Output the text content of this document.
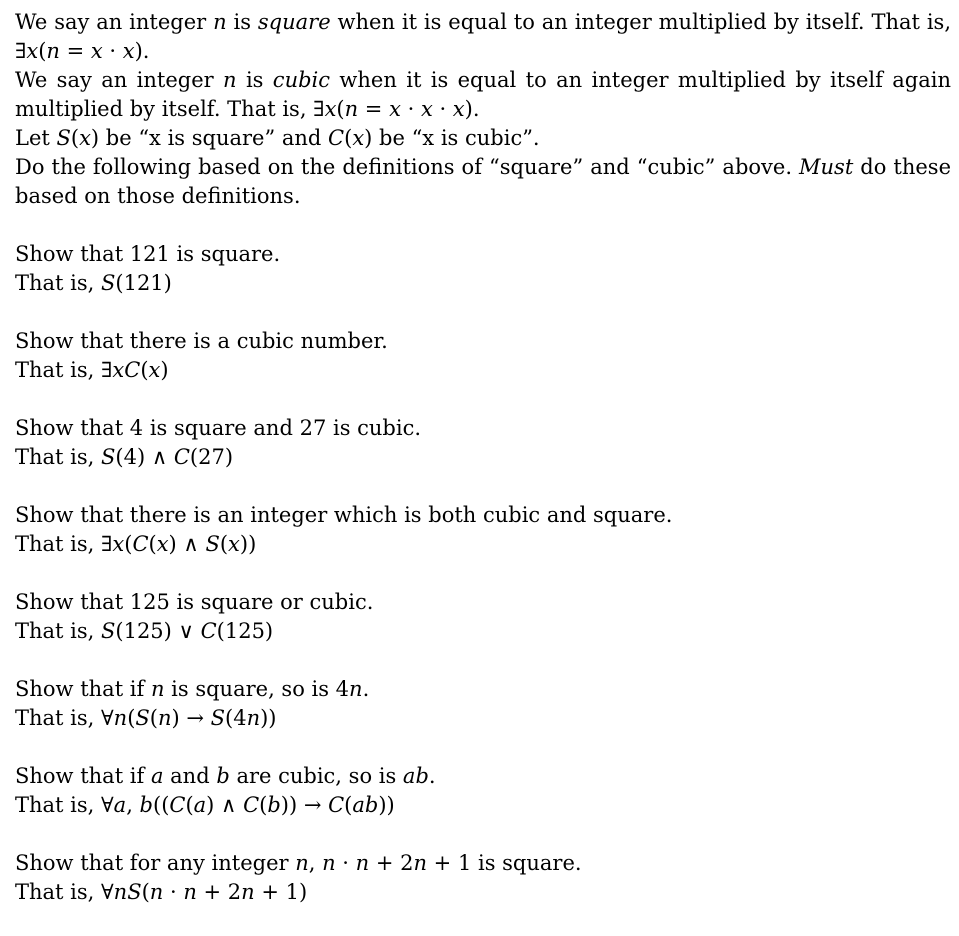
We say an integer 𝑛 is 𝑠𝑞𝑢𝑎𝑟𝑒 when it is equal to an integer multiplied by itself. That is, ∃𝑥(𝑛 = 𝑥 · 𝑥).

We say an integer 𝑛 is 𝑐𝑢𝑏𝑖𝑐 when it is equal to an integer multiplied by itself again multiplied by itself. That is, ∃𝑥(𝑛 = 𝑥 · 𝑥 · 𝑥).

Let 𝑆(𝑥) be “x is square” and 𝐶(𝑥) be “x is cubic”.

Do the following based on the definitions of “square” and “cubic” above. 𝑀𝑢𝑠𝑡 do these based on those definitions.

Show that 121 is square.

That is, 𝑆(121)

Show that there is a cubic number.

That is, ∃𝑥𝐶(𝑥)

Show that 4 is square and 27 is cubic.

That is, 𝑆(4) ∧ 𝐶(27)

Show that there is an integer which is both cubic and square.

That is, ∃𝑥(𝐶(𝑥) ∧ 𝑆(𝑥))

Show that 125 is square or cubic.

That is, 𝑆(125) ∨ 𝐶(125)

Show that if 𝑛 is square, so is 4𝑛.

That is, ∀𝑛(𝑆(𝑛) → 𝑆(4𝑛))

Show that if 𝑎 and 𝑏 are cubic, so is 𝑎𝑏.

That is, ∀𝑎, 𝑏((𝐶(𝑎) ∧ 𝐶(𝑏)) → 𝐶(𝑎𝑏))

Show that for any integer 𝑛, 𝑛 · 𝑛 + 2𝑛 + 1 is square.

That is, ∀𝑛𝑆(𝑛 · 𝑛 + 2𝑛 + 1)
